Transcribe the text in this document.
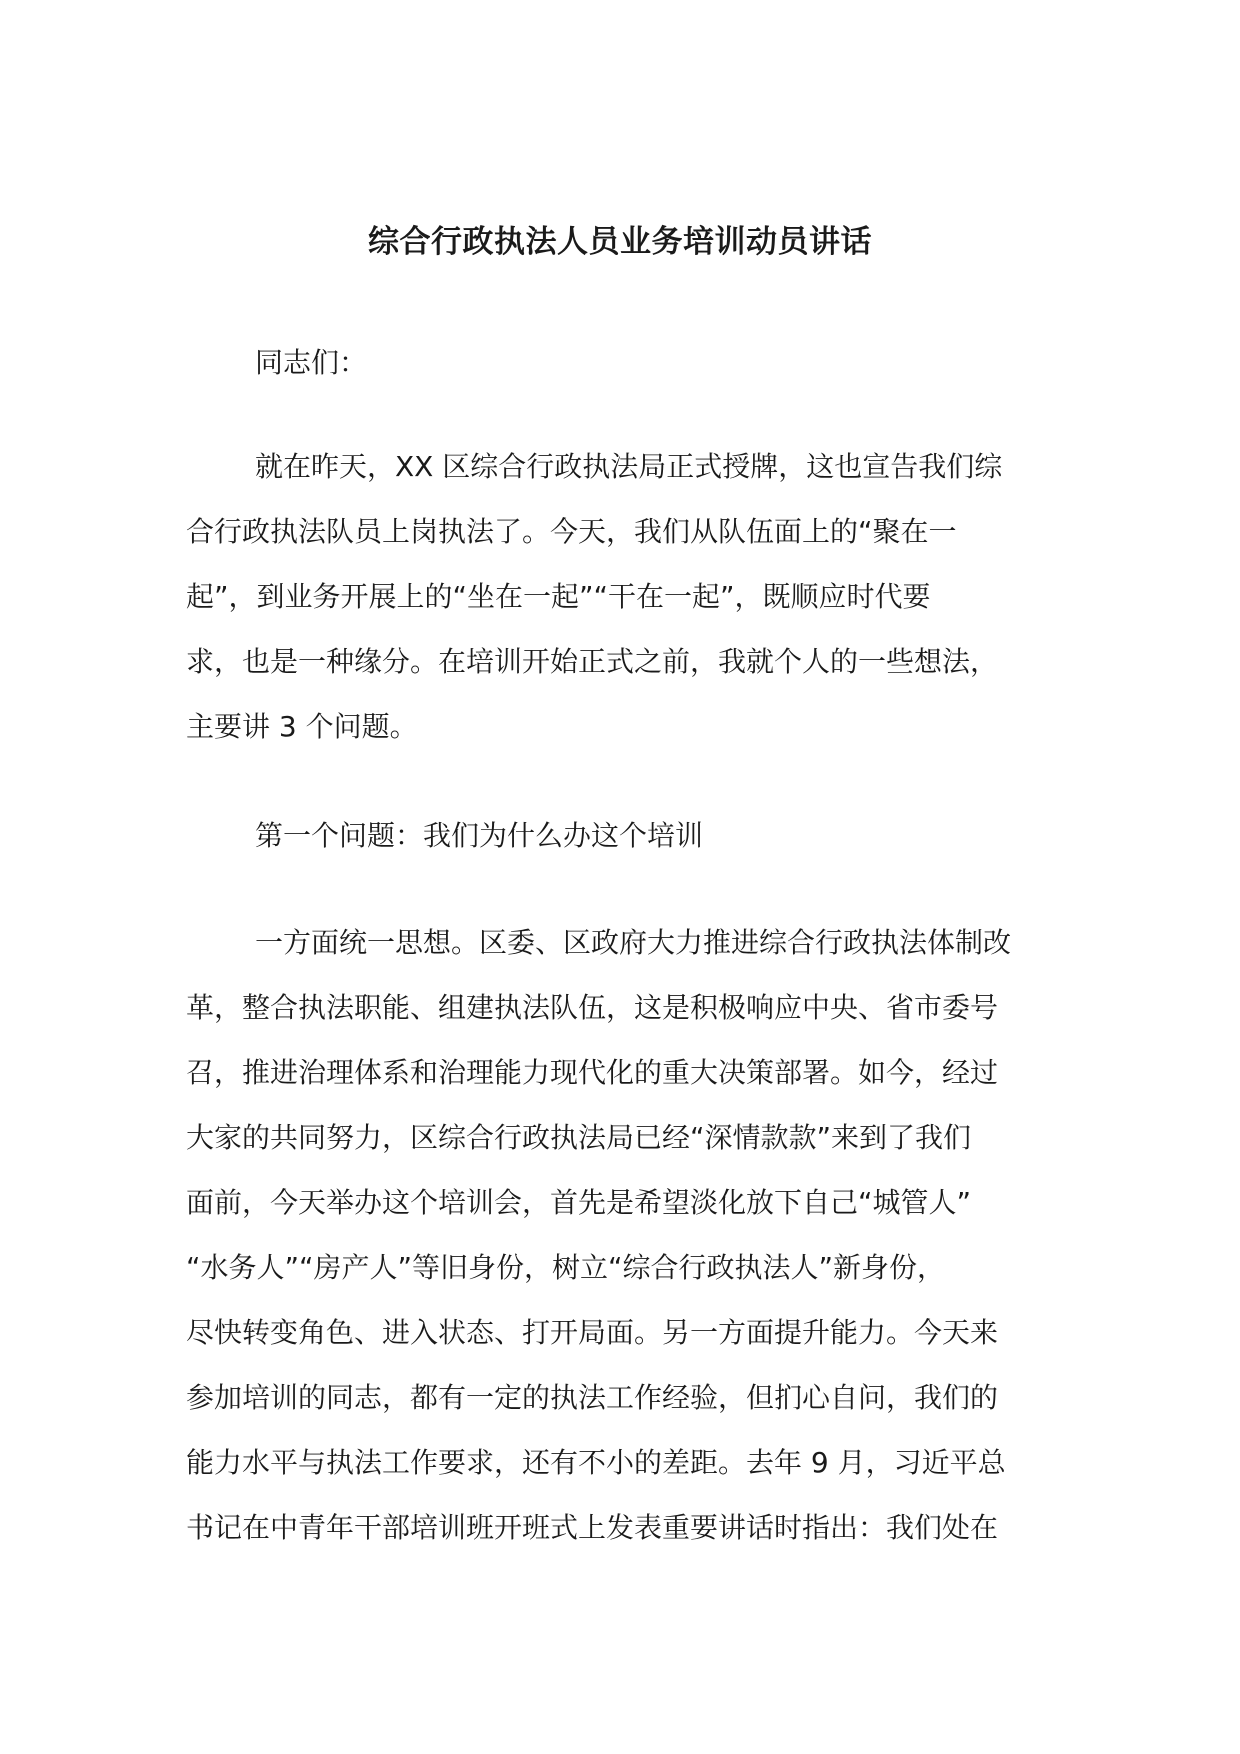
综合行政执法人员业务培训动员讲话
同志们：
就在昨天，XX 区综合行政执法局正式授牌，这也宣告我们综
合行政执法队员上岗执法了。今天，我们从队伍面上的“聚在一
起”，到业务开展上的“坐在一起”“干在一起”，既顺应时代要
求，也是一种缘分。在培训开始正式之前，我就个人的一些想法，
主要讲 3 个问题。
第一个问题：我们为什么办这个培训
一方面统一思想。区委、区政府大力推进综合行政执法体制改
革，整合执法职能、组建执法队伍，这是积极响应中央、省市委号
召，推进治理体系和治理能力现代化的重大决策部署。如今，经过
大家的共同努力，区综合行政执法局已经“深情款款”来到了我们
面前，今天举办这个培训会，首先是希望淡化放下自己“城管人”
“水务人”“房产人”等旧身份，树立“综合行政执法人”新身份，
尽快转变角色、进入状态、打开局面。另一方面提升能力。今天来
参加培训的同志，都有一定的执法工作经验，但扪心自问，我们的
能力水平与执法工作要求，还有不小的差距。去年 9 月，习近平总
书记在中青年干部培训班开班式上发表重要讲话时指出：我们处在
